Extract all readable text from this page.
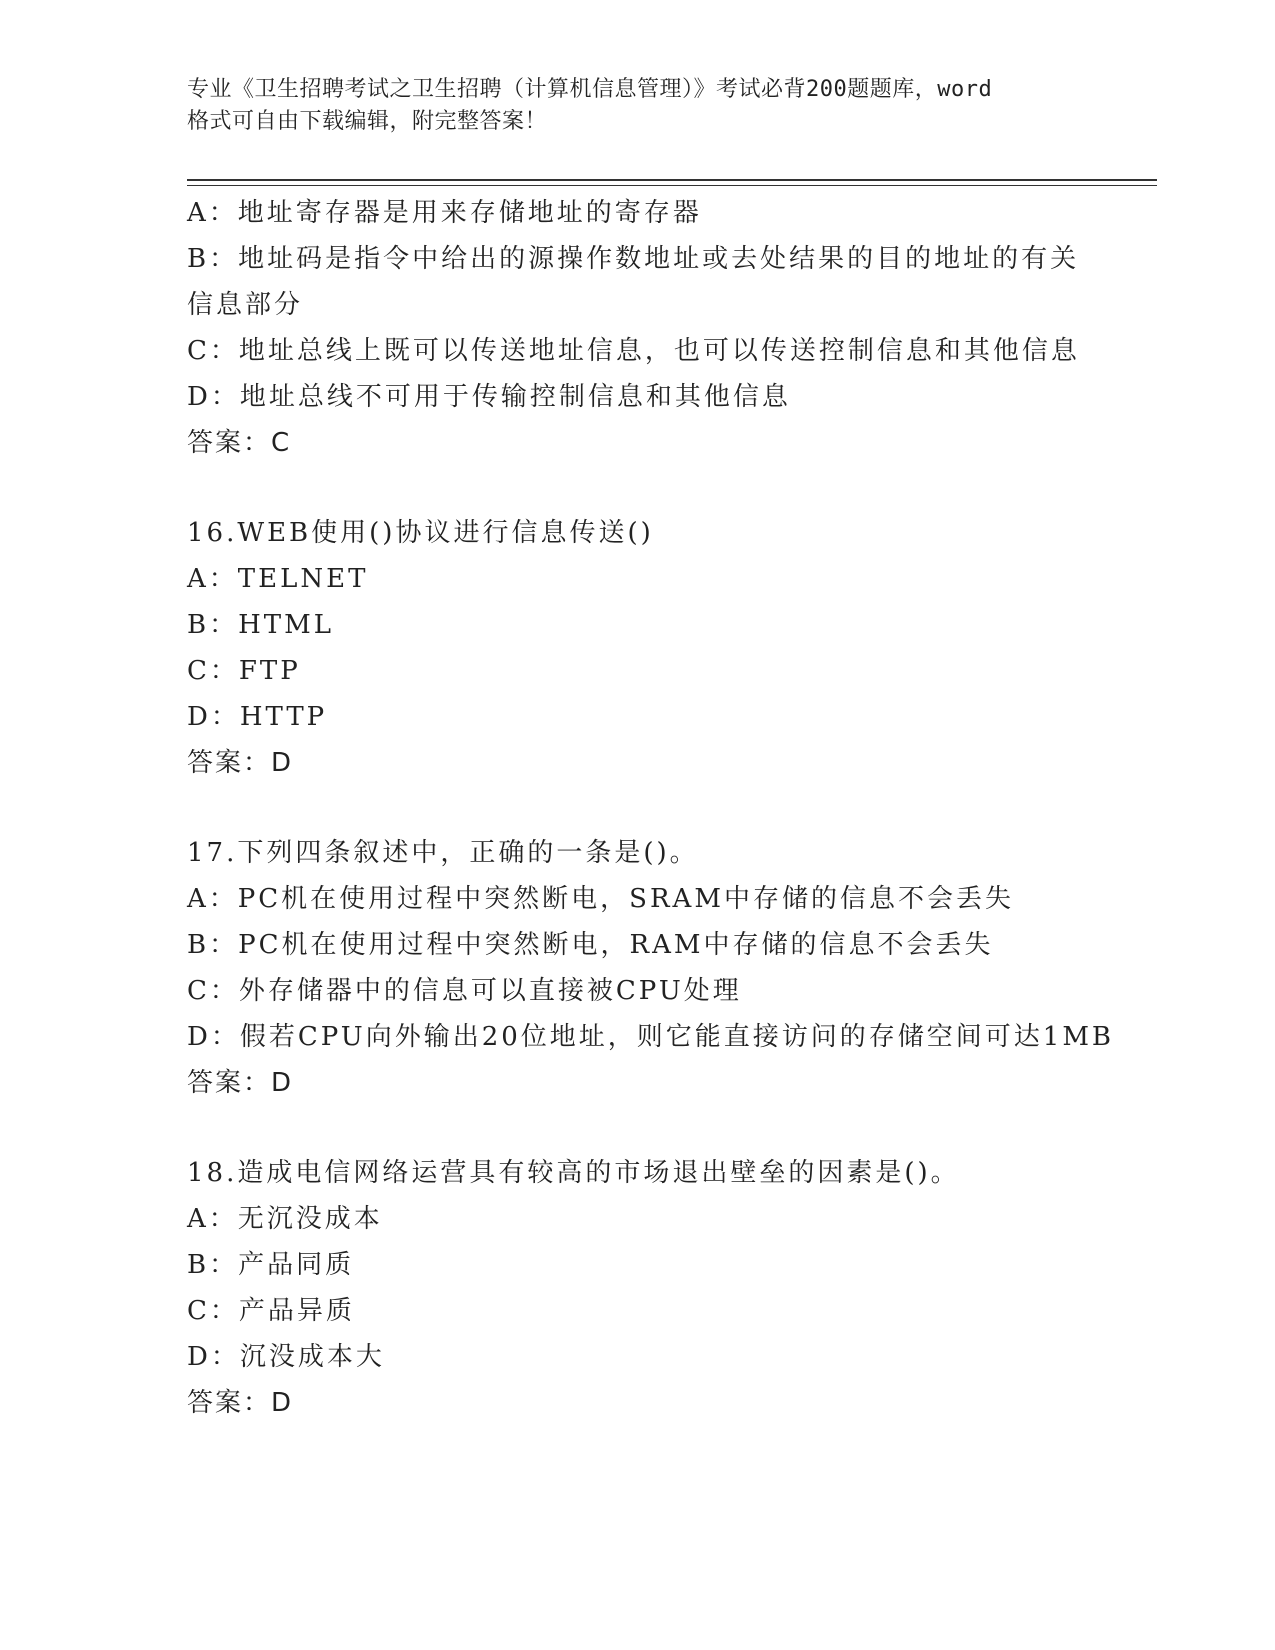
专业《卫生招聘考试之卫生招聘（计算机信息管理）》考试必背200题题库，word
格式可自由下载编辑，附完整答案！
A：地址寄存器是用来存储地址的寄存器
B：地址码是指令中给出的源操作数地址或去处结果的目的地址的有关
信息部分
C：地址总线上既可以传送地址信息，也可以传送控制信息和其他信息
D：地址总线不可用于传输控制信息和其他信息
答案：C
16.WEB使用()协议进行信息传送()
A：TELNET
B：HTML
C：FTP
D：HTTP
答案：D
17.下列四条叙述中，正确的一条是()。
A：PC机在使用过程中突然断电，SRAM中存储的信息不会丢失
B：PC机在使用过程中突然断电，RAM中存储的信息不会丢失
C：外存储器中的信息可以直接被CPU处理
D：假若CPU向外输出20位地址，则它能直接访问的存储空间可达1MB
答案：D
18.造成电信网络运营具有较高的市场退出壁垒的因素是()。
A：无沉没成本
B：产品同质
C：产品异质
D：沉没成本大
答案：D
